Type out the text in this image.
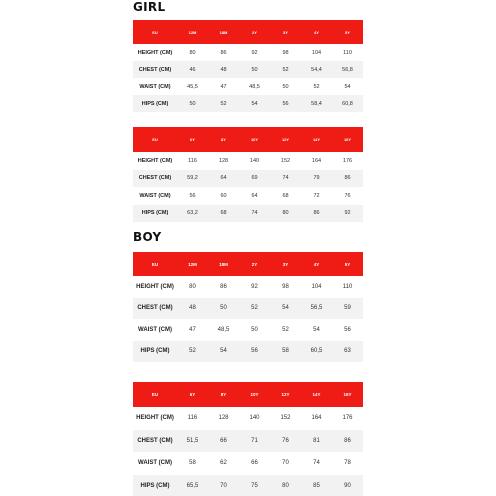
GIRL
EU	12M	18M	2Y	3Y	4Y	5Y
HEIGHT (CM)	80	86	92	98	104	110
CHEST (CM)	46	48	50	52	54,4	56,8
WAIST (CM)	45,5	47	48,5	50	52	54
HIPS (CM)	50	52	54	56	58,4	60,8
EU	6Y	8Y	10Y	12Y	14Y	16Y
HEIGHT (CM)	116	128	140	152	164	176
CHEST (CM)	59,2	64	69	74	79	86
WAIST (CM)	56	60	64	68	72	76
HIPS (CM)	63,2	68	74	80	86	92
BOY
EU	12M	18M	2Y	3Y	4Y	5Y
HEIGHT (CM)	80	86	92	98	104	110
CHEST (CM)	48	50	52	54	56,5	59
WAIST (CM)	47	48,5	50	52	54	56
HIPS (CM)	52	54	56	58	60,5	63
EU	6Y	8Y	10Y	12Y	14Y	16Y
HEIGHT (CM)	116	128	140	152	164	176
CHEST (CM)	51,5	66	71	76	81	86
WAIST (CM)	58	62	66	70	74	78
HIPS (CM)	65,5	70	75	80	85	90
